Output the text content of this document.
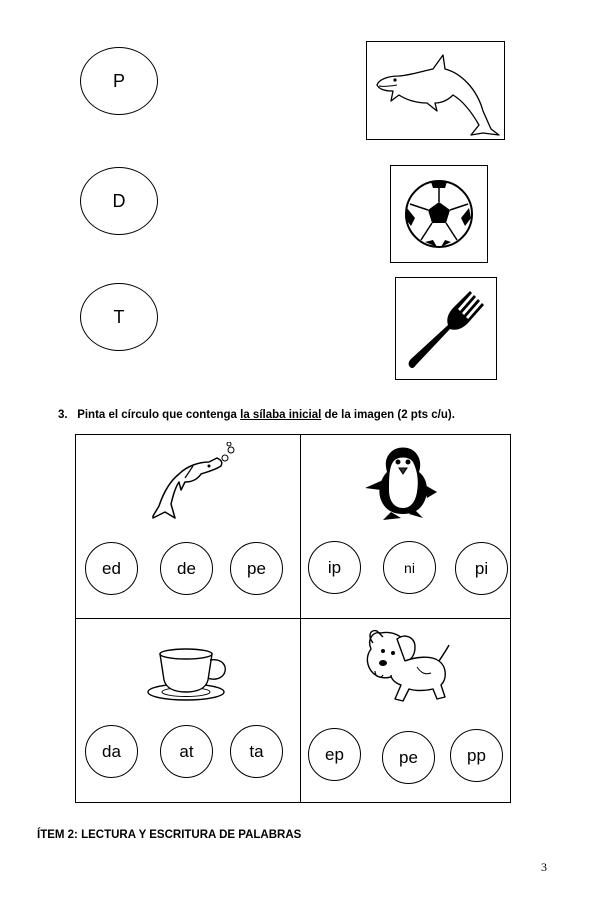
P
D
T
3. Pinta el círculo que contenga la sílaba inicial de la imagen (2 pts c/u).
ed	de	pe	ip	ni	pi
da	at	ta	ep	pe	pp
ÍTEM 2: LECTURA Y ESCRITURA DE PALABRAS
3
